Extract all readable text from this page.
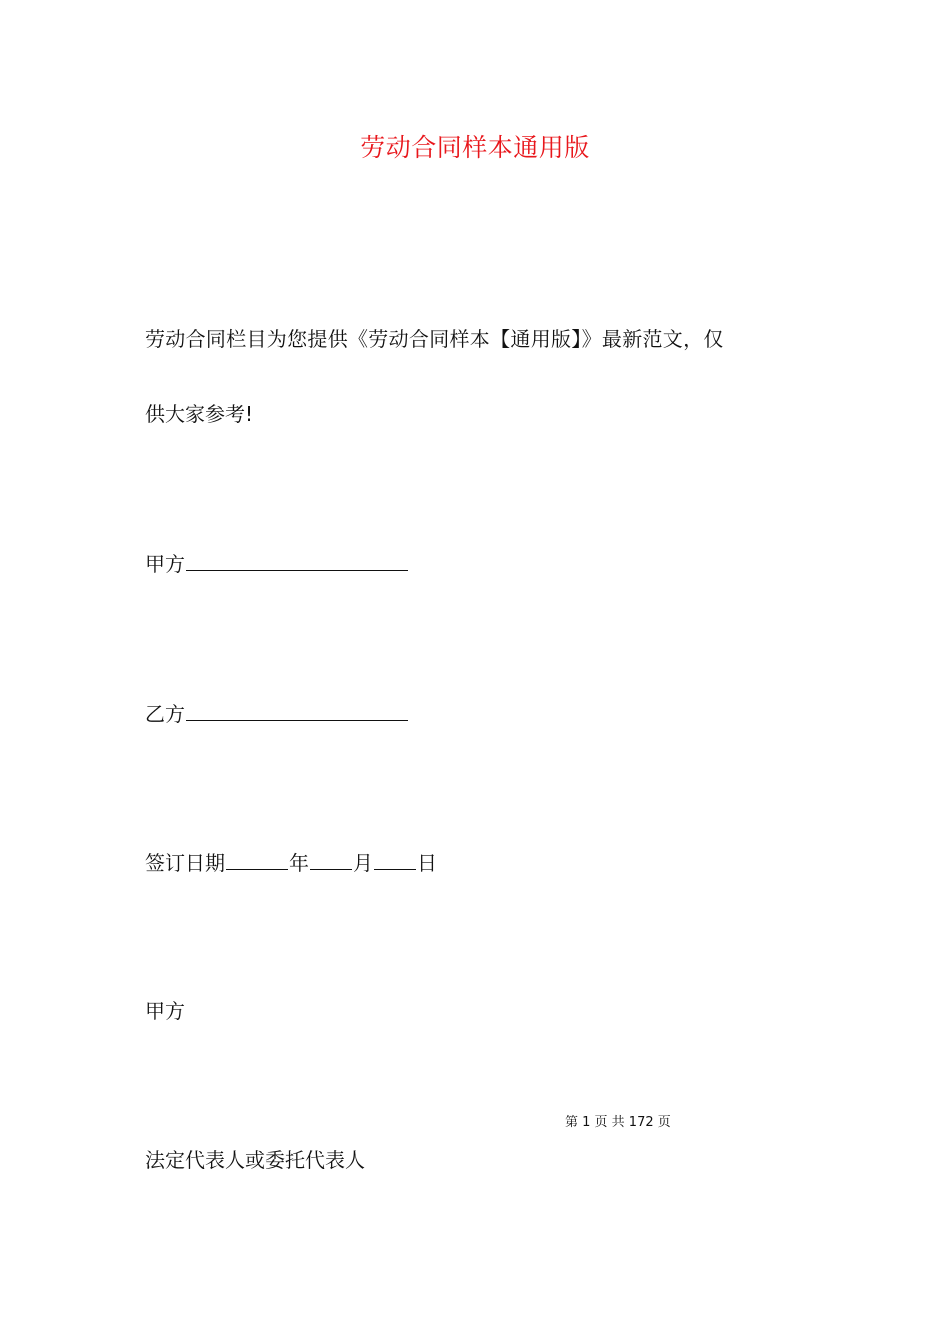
劳动合同样本通用版
劳动合同栏目为您提供《劳动合同样本【通用版】》最新范文，仅
供大家参考!
甲方
乙方
签订日期	年 月 日
甲方
第 1 页 共 172 页
法定代表人或委托代表人
